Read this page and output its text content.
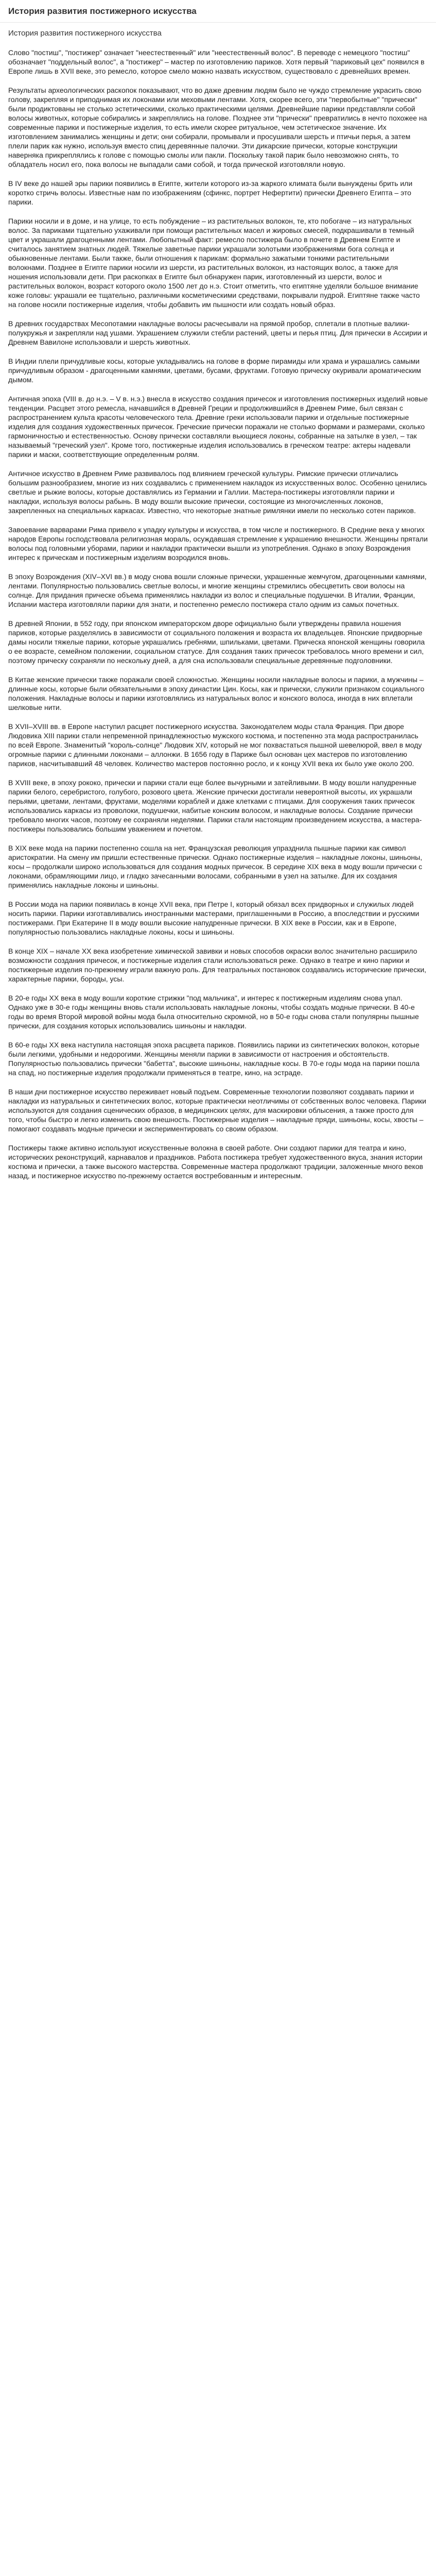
История развития постижерного искусства
История развития постижерного искусства

Слово "постиш", "постижер" означает "неестественный" или "неестественный волос". В переводе с немецкого "постиш" обозначает "поддельный волос", а "постижер" – мастер по изготовлению париков. Хотя первый "париковый цех" появился в Европе лишь в XVII веке, это ремесло, которое смело можно назвать искусством, существовало с древнейших времен.

Результаты археологических раскопок показывают, что во даже древним людям было не чуждо стремление украсить свою голову, закрепляя и приподнимая их локонами или меховыми лентами. Хотя, скорее всего, эти "первобытные" "прически" были продиктованы не столько эстетическими, сколько практическими целями. Древнейшие парики представляли собой волосы животных, которые собирались и закреплялись на голове. Позднее эти "прически" превратились в нечто похожее на современные парики и постижерные изделия, то есть имели скорее ритуальное, чем эстетическое значение. Их изготовлением занимались женщины и дети; они собирали, промывали и просушивали шерсть и птичьи перья, а затем плели парик как нужно, используя вместо спиц деревянные палочки. Эти дикарские прически, которые конструкции наверняка прикреплялись к голове с помощью смолы или пакли. Поскольку такой парик было невозможно снять, то обладатель носил его, пока волосы не выпадали сами собой, и тогда прической изготовляли новую.

В IV веке до нашей эры парики появились в Египте, жители которого из-за жаркого климата были вынуждены брить или коротко стричь волосы. Известные нам по изображениям (сфинкс, портрет Нефертити) прически Древнего Египта – это парики.

Парики носили и в доме, и на улице, то есть побуждение – из растительных волокон, те, кто побогаче – из натуральных волос. За париками тщательно ухаживали при помощи растительных масел и жировых смесей, подкрашивали в темный цвет и украшали драгоценными лентами. Любопытный факт: ремесло постижера было в почете в Древнем Египте и считалось занятием знатных людей. Тяжелые заветные парики украшали золотыми изображениями бога солнца и обыкновенные лентами. Были также, были отношения к парикам: формально зажатыми тонкими растительными волокнами. Позднее в Египте парики носили из шерсти, из растительных волокон, из настоящих волос, а также для ношения использовали дети. При раскопках в Египте был обнаружен парик, изготовленный из шерсти, волос и растительных волокон, возраст которого около 1500 лет до н.э. Стоит отметить, что египтяне уделяли большое внимание коже головы: украшали ее тщательно, различными косметическими средствами, покрывали пудрой. Египтяне также часто на голове носили постижерные изделия, чтобы добавить им пышности или создать новый образ.

В древних государствах Месопотамии накладные волосы расчесывали на прямой пробор, сплетали в плотные валики-полукружья и закрепляли над ушами. Украшением служили стебли растений, цветы и перья птиц. Для прически в Ассирии и Древнем Вавилоне использовали и шерсть животных.

В Индии плели причудливые косы, которые укладывались на голове в форме пирамиды или храма и украшались самыми причудливым образом - драгоценными камнями, цветами, бусами, фруктами. Готовую прическу окуривали ароматическим дымом.

Античная эпоха (VIII в. до н.э. – V в. н.э.) внесла в искусство создания причесок и изготовления постижерных изделий новые тенденции. Расцвет этого ремесла, начавшийся в Древней Греции и продолжившийся в Древнем Риме, был связан с распространением культа красоты человеческого тела. Древние греки использовали парики и отдельные постижерные изделия для создания художественных причесок. Греческие прически поражали не столько формами и размерами, сколько гармоничностью и естественностью. Основу прически составляли вьющиеся локоны, собранные на затылке в узел, – так называемый "греческий узел". Кроме того, постижерные изделия использовались в греческом театре: актеры надевали парики и маски, соответствующие определенным ролям.

Античное искусство в Древнем Риме развивалось под влиянием греческой культуры. Римские прически отличались большим разнообразием, многие из них создавались с применением накладок из искусственных волос. Особенно ценились светлые и рыжие волосы, которые доставлялись из Германии и Галлии. Мастера-постижеры изготовляли парики и накладки, используя волосы рабынь. В моду вошли высокие прически, состоящие из многочисленных локонов, закрепленных на специальных каркасах. Известно, что некоторые знатные римлянки имели по несколько сотен париков.

Завоевание варварами Рима привело к упадку культуры и искусства, в том числе и постижерного. В Средние века у многих народов Европы господствовала религиозная мораль, осуждавшая стремление к украшению внешности. Женщины прятали волосы под головными уборами, парики и накладки практически вышли из употребления. Однако в эпоху Возрождения интерес к прическам и постижерным изделиям возродился вновь.

В эпоху Возрождения (XIV–XVI вв.) в моду снова вошли сложные прически, украшенные жемчугом, драгоценными камнями, лентами. Популярностью пользовались светлые волосы, и многие женщины стремились обесцветить свои волосы на солнце. Для придания прическе объема применялись накладки из волос и специальные подушечки. В Италии, Франции, Испании мастера изготовляли парики для знати, и постепенно ремесло постижера стало одним из самых почетных.

В древней Японии, в 552 году, при японском императорском дворе официально были утверждены правила ношения париков, которые разделялись в зависимости от социального положения и возраста их владельцев. Японские придворные дамы носили тяжелые парики, которые украшались гребнями, шпильками, цветами. Прическа японской женщины говорила о ее возрасте, семейном положении, социальном статусе. Для создания таких причесок требовалось много времени и сил, поэтому прическу сохраняли по нескольку дней, а для сна использовали специальные деревянные подголовники.

В Китае женские прически также поражали своей сложностью. Женщины носили накладные волосы и парики, а мужчины – длинные косы, которые были обязательными в эпоху династии Цин. Косы, как и прически, служили признаком социального положения. Накладные волосы и парики изготовлялись из натуральных волос и конского волоса, иногда в них вплетали шелковые нити.

В XVII–XVIII вв. в Европе наступил расцвет постижерного искусства. Законодателем моды стала Франция. При дворе Людовика XIII парики стали непременной принадлежностью мужского костюма, и постепенно эта мода распространилась по всей Европе. Знаменитый "король-солнце" Людовик XIV, который не мог похвастаться пышной шевелюрой, ввел в моду огромные парики с длинными локонами – аллонжи. В 1656 году в Париже был основан цех мастеров по изготовлению париков, насчитывавший 48 человек. Количество мастеров постоянно росло, и к концу XVII века их было уже около 200.

В XVIII веке, в эпоху рококо, прически и парики стали еще более вычурными и затейливыми. В моду вошли напудренные парики белого, серебристого, голубого, розового цвета. Женские прически достигали невероятной высоты, их украшали перьями, цветами, лентами, фруктами, моделями кораблей и даже клетками с птицами. Для сооружения таких причесок использовались каркасы из проволоки, подушечки, набитые конским волосом, и накладные волосы. Создание прически требовало многих часов, поэтому ее сохраняли неделями. Парики стали настоящим произведением искусства, а мастера-постижеры пользовались большим уважением и почетом.

В XIX веке мода на парики постепенно сошла на нет. Французская революция упразднила пышные парики как символ аристократии. На смену им пришли естественные прически. Однако постижерные изделия – накладные локоны, шиньоны, косы – продолжали широко использоваться для создания модных причесок. В середине XIX века в моду вошли прически с локонами, обрамляющими лицо, и гладко зачесанными волосами, собранными в узел на затылке. Для их создания применялись накладные локоны и шиньоны.

В России мода на парики появилась в конце XVII века, при Петре I, который обязал всех придворных и служилых людей носить парики. Парики изготавливались иностранными мастерами, приглашенными в Россию, а впоследствии и русскими постижерами. При Екатерине II в моду вошли высокие напудренные прически. В XIX веке в России, как и в Европе, популярностью пользовались накладные локоны, косы и шиньоны.

В конце XIX – начале XX века изобретение химической завивки и новых способов окраски волос значительно расширило возможности создания причесок, и постижерные изделия стали использоваться реже. Однако в театре и кино парики и постижерные изделия по-прежнему играли важную роль. Для театральных постановок создавались исторические прически, характерные парики, бороды, усы.

В 20-е годы XX века в моду вошли короткие стрижки "под мальчика", и интерес к постижерным изделиям снова упал. Однако уже в 30-е годы женщины вновь стали использовать накладные локоны, чтобы создать модные прически. В 40-е годы во время Второй мировой войны мода была относительно скромной, но в 50-е годы снова стали популярны пышные прически, для создания которых использовались шиньоны и накладки.

В 60-е годы XX века наступила настоящая эпоха расцвета париков. Появились парики из синтетических волокон, которые были легкими, удобными и недорогими. Женщины меняли парики в зависимости от настроения и обстоятельств. Популярностью пользовались прически "бабетта", высокие шиньоны, накладные косы. В 70-е годы мода на парики пошла на спад, но постижерные изделия продолжали применяться в театре, кино, на эстраде.

В наши дни постижерное искусство переживает новый подъем. Современные технологии позволяют создавать парики и накладки из натуральных и синтетических волос, которые практически неотличимы от собственных волос человека. Парики используются для создания сценических образов, в медицинских целях, для маскировки облысения, а также просто для того, чтобы быстро и легко изменить свою внешность. Постижерные изделия – накладные пряди, шиньоны, косы, хвосты – помогают создавать модные прически и экспериментировать со своим образом.

Постижеры также активно используют искусственные волокна в своей работе. Они создают парики для театра и кино, исторических реконструкций, карнавалов и праздников. Работа постижера требует художественного вкуса, знания истории костюма и прически, а также высокого мастерства. Современные мастера продолжают традиции, заложенные много веков назад, и постижерное искусство по-прежнему остается востребованным и интересным.
